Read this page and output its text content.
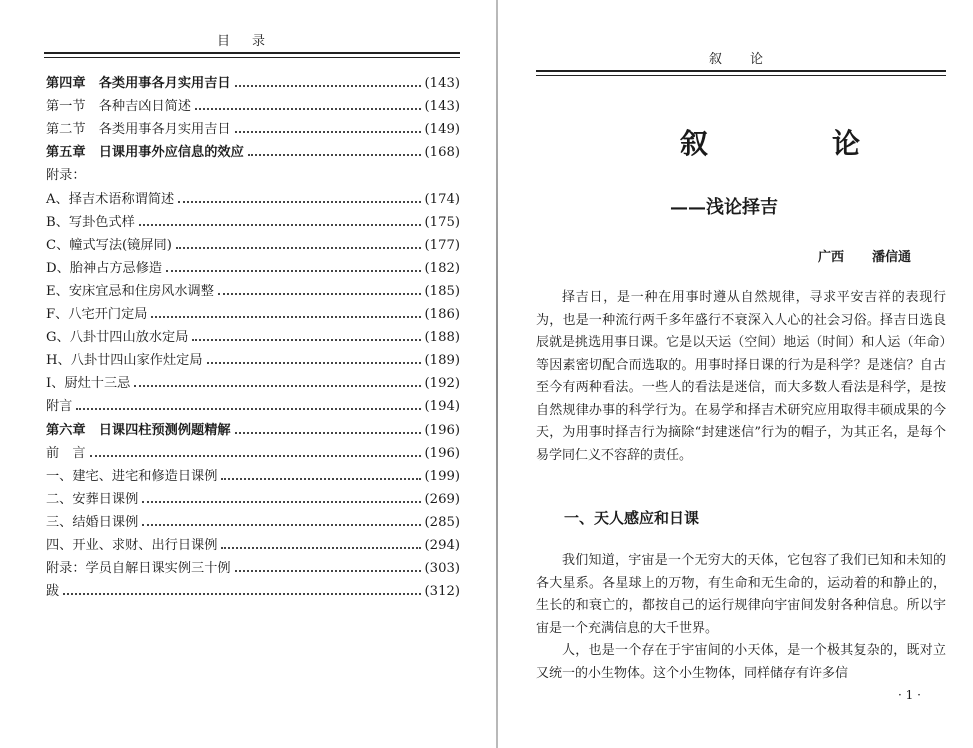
目录
第四章　各类用事各月实用吉日	(143)
第一节　各种吉凶日简述	(143)
第二节　各类用事各月实用吉日	(149)
第五章　日课用事外应信息的效应	(168)
附录：
A、择吉术语称谓简述	(174)
B、写卦色式样	(175)
C、幢式写法(镜屏同)	(177)
D、胎神占方忌修造	(182)
E、安床宜忌和住房风水调整	(185)
F、八宅开门定局	(186)
G、八卦廿四山放水定局	(188)
H、八卦廿四山家作灶定局	(189)
I、厨灶十三忌	(192)
附言	(194)
第六章　日课四柱预测例题精解	(196)
前　言	(196)
一、建宅、进宅和修造日课例	(199)
二、安葬日课例	(269)
三、结婚日课例	(285)
四、开业、求财、出行日课例	(294)
附录：学员自解日课实例三十例	(303)
跋	(312)
叙论
叙　论
——浅论择吉
广西 潘信通

择吉日，是一种在用事时遵从自然规律，寻求平安吉祥的表现行为，也是一种流行两千多年盛行不衰深入人心的社会习俗。择吉日选良辰就是挑选用事日课。它是以天运（空间）地运（时间）和人运（年命）等因素密切配合而选取的。用事时择日课的行为是科学？是迷信？自古至今有两种看法。一些人的看法是迷信，而大多数人看法是科学，是按自然规律办事的科学行为。在易学和择吉术研究应用取得丰硕成果的今天，为用事时择吉行为摘除“封建迷信”行为的帽子，为其正名，是每个易学同仁义不容辞的责任。

一、天人感应和日课

我们知道，宇宙是一个无穷大的天体，它包容了我们已知和未知的各大星系。各星球上的万物，有生命和无生命的，运动着的和静止的，生长的和衰亡的，都按自己的运行规律向宇宙间发射各种信息。所以宇宙是一个充满信息的大千世界。

人，也是一个存在于宇宙间的小天体，是一个极其复杂的，既对立又统一的小生物体。这个小生物体，同样储存有许多信

· 1 ·
